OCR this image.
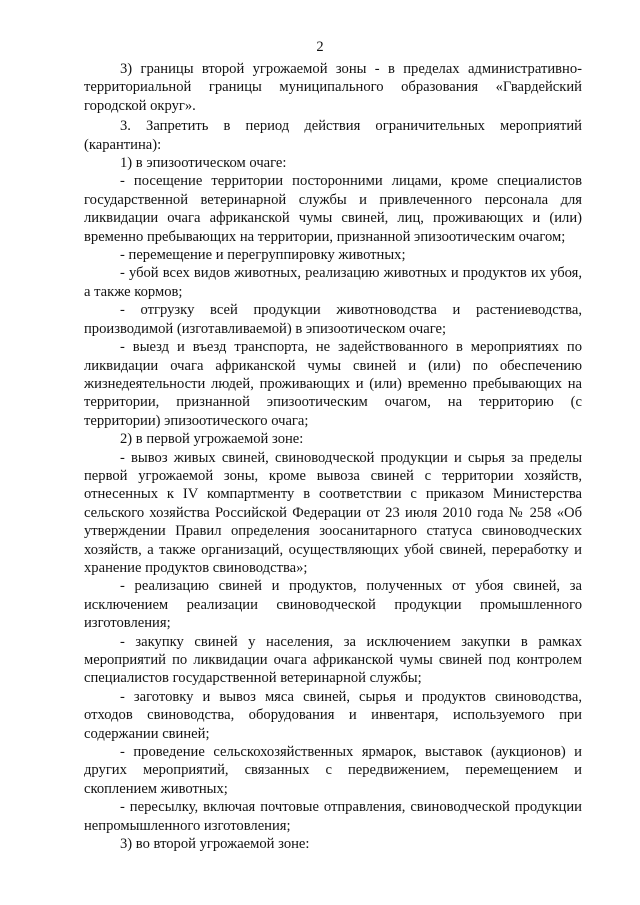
2

3) границы второй угрожаемой зоны - в пределах административно-территориальной границы муниципального образования «Гвардейский городской округ».

3. Запретить в период действия ограничительных мероприятий (карантина):

1) в эпизоотическом очаге:

- посещение территории посторонними лицами, кроме специалистов государственной ветеринарной службы и привлеченного персонала для ликвидации очага африканской чумы свиней, лиц, проживающих и (или) временно пребывающих на территории, признанной эпизоотическим очагом;

- перемещение и перегруппировку животных;

- убой всех видов животных, реализацию животных и продуктов их убоя, а также кормов;

- отгрузку всей продукции животноводства и растениеводства, производимой (изготавливаемой) в эпизоотическом очаге;

- выезд и въезд транспорта, не задействованного в мероприятиях по ликвидации очага африканской чумы свиней и (или) по обеспечению жизнедеятельности людей, проживающих и (или) временно пребывающих на территории, признанной эпизоотическим очагом, на территорию (с территории) эпизоотического очага;

2) в первой угрожаемой зоне:

- вывоз живых свиней, свиноводческой продукции и сырья за пределы первой угрожаемой зоны, кроме вывоза свиней с территории хозяйств, отнесенных к IV компартменту в соответствии с приказом Министерства сельского хозяйства Российской Федерации от 23 июля 2010 года № 258 «Об утверждении Правил определения зоосанитарного статуса свиноводческих хозяйств, а также организаций, осуществляющих убой свиней, переработку и хранение продуктов свиноводства»;

- реализацию свиней и продуктов, полученных от убоя свиней, за исключением реализации свиноводческой продукции промышленного изготовления;

- закупку свиней у населения, за исключением закупки в рамках мероприятий по ликвидации очага африканской чумы свиней под контролем специалистов государственной ветеринарной службы;

- заготовку и вывоз мяса свиней, сырья и продуктов свиноводства, отходов свиноводства, оборудования и инвентаря, используемого при содержании свиней;

- проведение сельскохозяйственных ярмарок, выставок (аукционов) и других мероприятий, связанных с передвижением, перемещением и скоплением животных;

- пересылку, включая почтовые отправления, свиноводческой продукции непромышленного изготовления;

3) во второй угрожаемой зоне:
